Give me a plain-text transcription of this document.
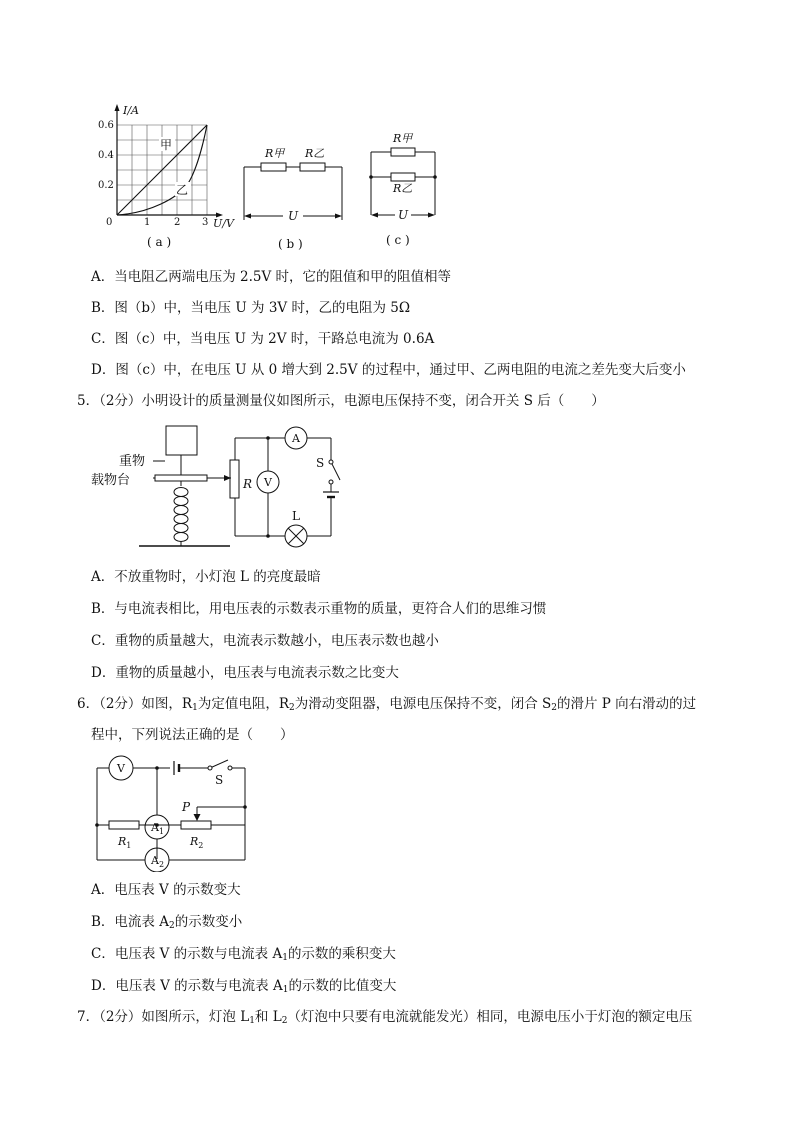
I/A
0.6
0.4
0.2
0	1 2 3 U/V
甲
乙
( a )
R甲 R乙
U
( b )
R甲
R乙
U
( c )
A．当电阻乙两端电压为 2.5V 时，它的阻值和甲的阻值相等
B．图（b）中，当电压 U 为 3V 时，乙的电阻为 5Ω
C．图（c）中，当电压 U 为 2V 时，干路总电流为 0.6A
D．图（c）中，在电压 U 从 0 增大到 2.5V 的过程中，通过甲、乙两电阻的电流之差先变大后变小
5．（2分）小明设计的质量测量仪如图所示，电源电压保持不变，闭合开关 S 后（　　）
重物
载物台	R V
A
S
L
A．不放重物时，小灯泡 L 的亮度最暗
B．与电流表相比，用电压表的示数表示重物的质量，更符合人们的思维习惯
C．重物的质量越大，电流表示数越小，电压表示数也越小
D．重物的质量越小，电压表与电流表示数之比变大
6．（2分）如图，$R_1$为定值电阻，$R_2$为滑动变阻器，电源电压保持不变，闭合 $S_2$的滑片 P 向右滑动的过
程中，下列说法正确的是（　　）
V
$A_1$
$A_2$
S
P
$R_1$	$R_2$
A．电压表 V 的示数变大
B．电流表 $A_2$的示数变小
C．电压表 V 的示数与电流表 $A_1$的示数的乘积变大
D．电压表 V 的示数与电流表 $A_1$的示数的比值变大
7．（2分）如图所示，灯泡 $L_1$和 $L_2$（灯泡中只要有电流就能发光）相同，电源电压小于灯泡的额定电压
